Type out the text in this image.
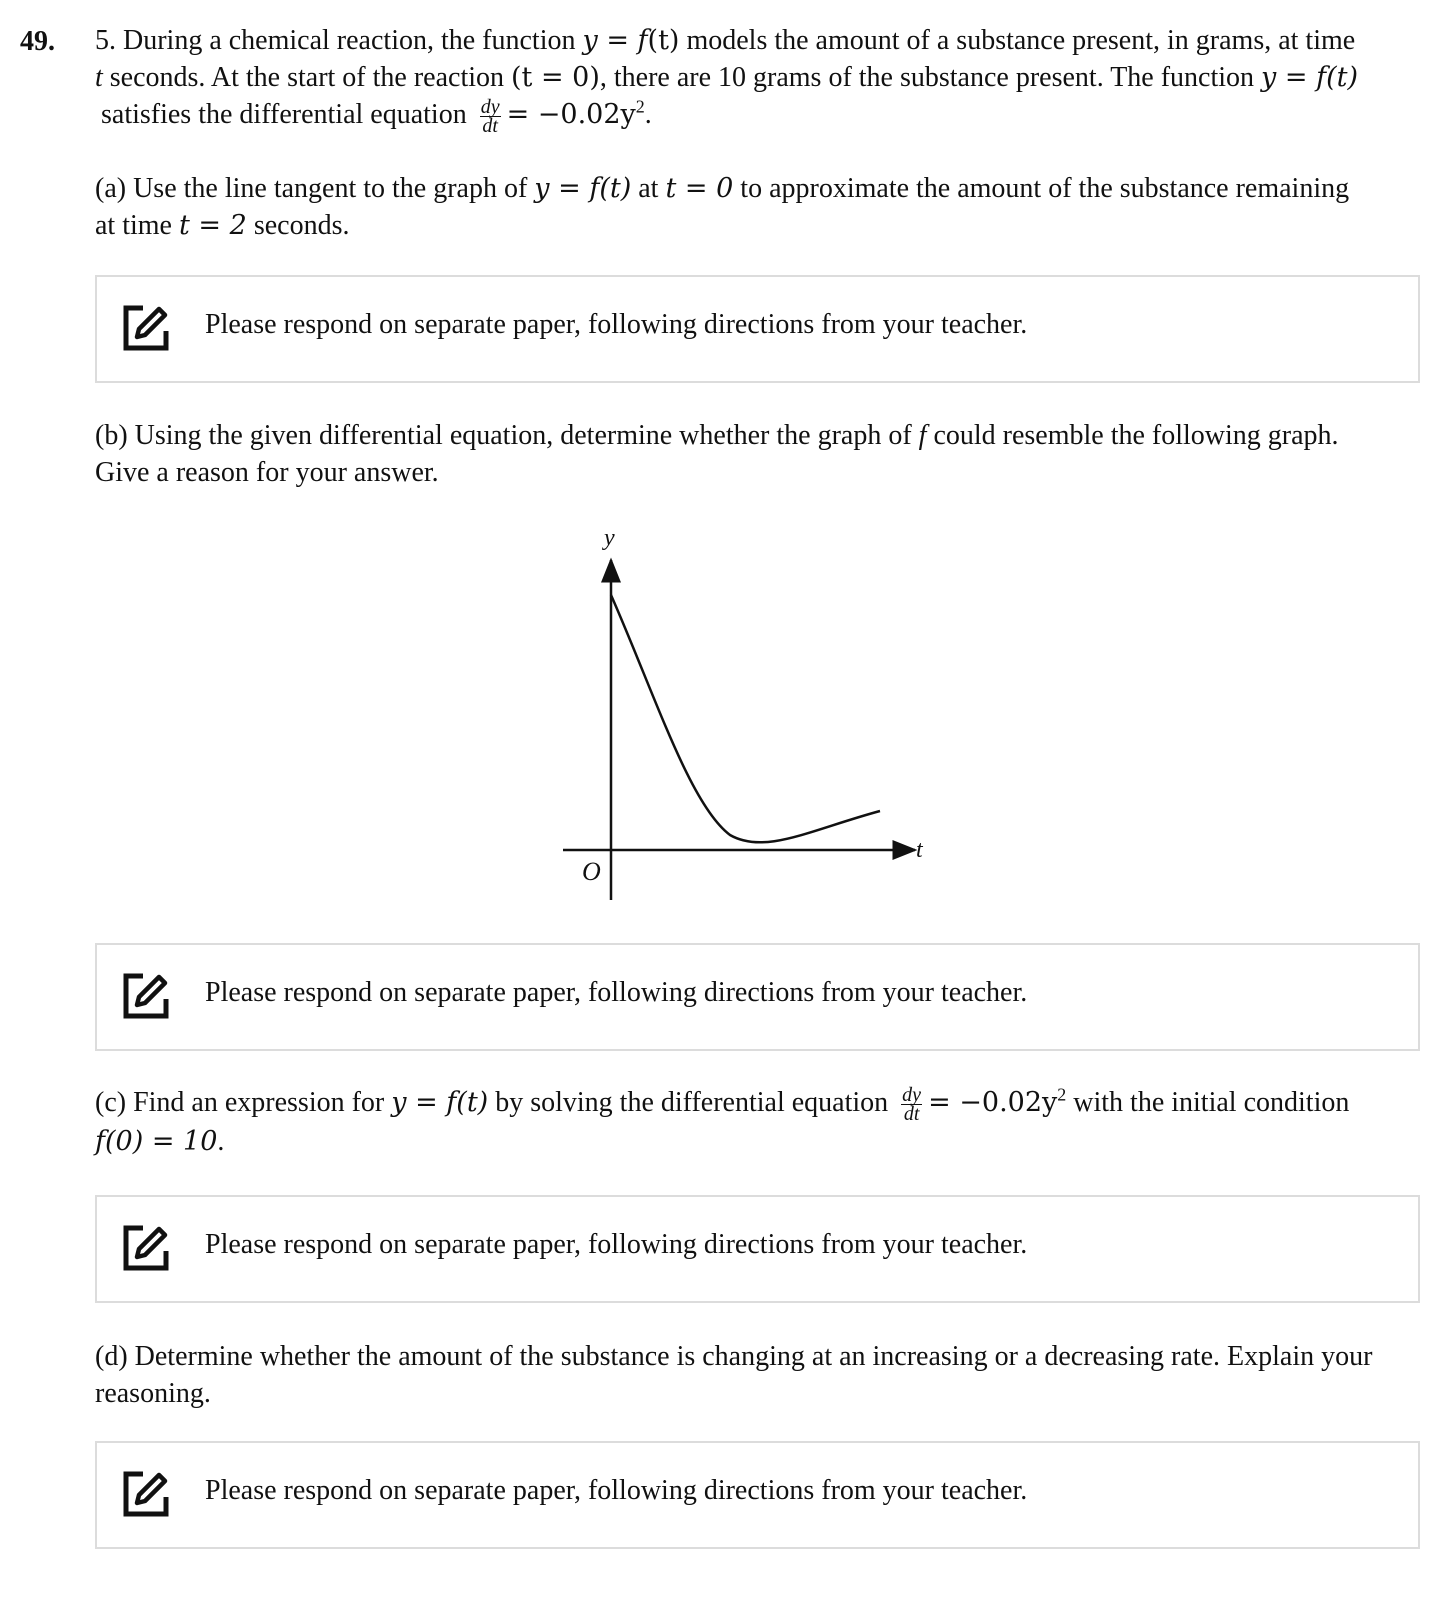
49. 5. During a chemical reaction, the function y = f(t) models the amount of a substance present, in grams, at time
t seconds. At the start of the reaction (t = 0), there are 10 grams of the substance present. The function y = f(t)
satisfies the differential equation $\frac{dy}{dt} = -0.02y^2$.
(a) Use the line tangent to the graph of y = f(t) at t = 0 to approximate the amount of the substance remaining
at time t = 2 seconds.
Please respond on separate paper, following directions from your teacher.
(b) Using the given differential equation, determine whether the graph of f could resemble the following graph.
Give a reason for your answer.
y
t
O
Please respond on separate paper, following directions from your teacher.
(c) Find an expression for y = f(t) by solving the differential equation $\frac{dy}{dt} = -0.02y^2$ with the initial condition
f(0) = 10.
Please respond on separate paper, following directions from your teacher.
(d) Determine whether the amount of the substance is changing at an increasing or a decreasing rate. Explain your
reasoning.
Please respond on separate paper, following directions from your teacher.
